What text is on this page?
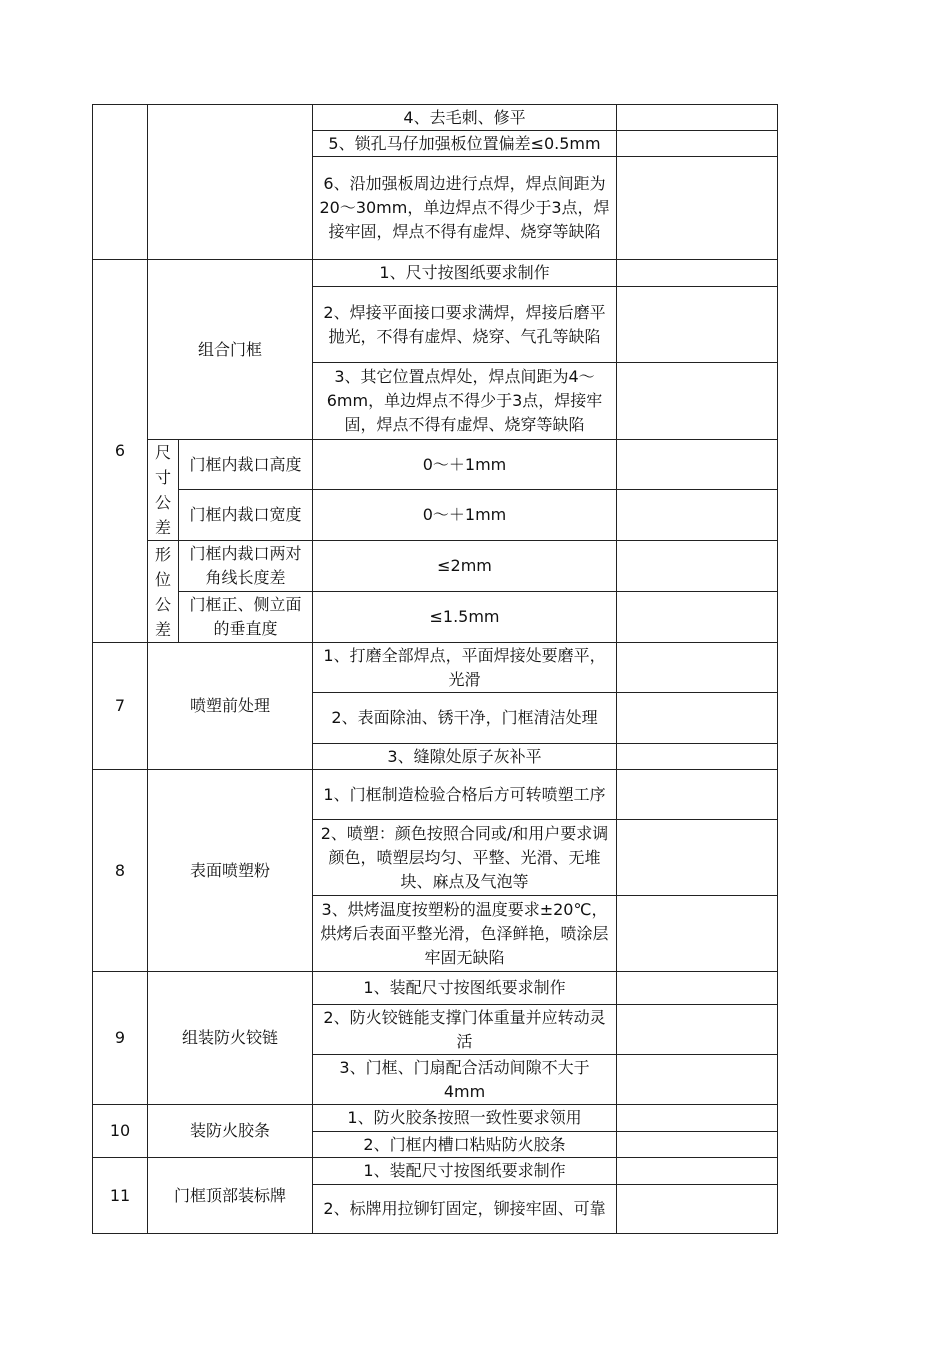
			4、去毛刺、修平	
			5、锁孔马仔加强板位置偏差≤0.5mm	
			6、沿加强板周边进行点焊，焊点间距为20～30mm，单边焊点不得少于3点，焊接牢固，焊点不得有虚焊、烧穿等缺陷	
6	组合门框		1、尺寸按图纸要求制作	
			2、焊接平面接口要求满焊，焊接后磨平抛光，不得有虚焊、烧穿、气孔等缺陷	
			3、其它位置点焊处，焊点间距为4～6mm，单边焊点不得少于3点，焊接牢固，焊点不得有虚焊、烧穿等缺陷	
	尺寸公差	门框内裁口高度	0～＋1mm	
		门框内裁口宽度	0～＋1mm	
	形位公差	门框内裁口两对角线长度差	≤2mm	
		门框正、侧立面的垂直度	≤1.5mm	
7	喷塑前处理		1、打磨全部焊点，平面焊接处要磨平，光滑	
			2、表面除油、锈干净，门框清洁处理	
			3、缝隙处原子灰补平	
8	表面喷塑粉		1、门框制造检验合格后方可转喷塑工序	
			2、喷塑：颜色按照合同或/和用户要求调颜色，喷塑层均匀、平整、光滑、无堆块、麻点及气泡等	
			3、烘烤温度按塑粉的温度要求±20℃，烘烤后表面平整光滑，色泽鲜艳，喷涂层牢固无缺陷	
9	组装防火铰链		1、装配尺寸按图纸要求制作	
			2、防火铰链能支撑门体重量并应转动灵活	
			3、门框、门扇配合活动间隙不大于4mm	
10	装防火胶条		1、防火胶条按照一致性要求领用	
			2、门框内槽口粘贴防火胶条	
11	门框顶部装标牌		1、装配尺寸按图纸要求制作	
			2、标牌用拉铆钉固定，铆接牢固、可靠	
